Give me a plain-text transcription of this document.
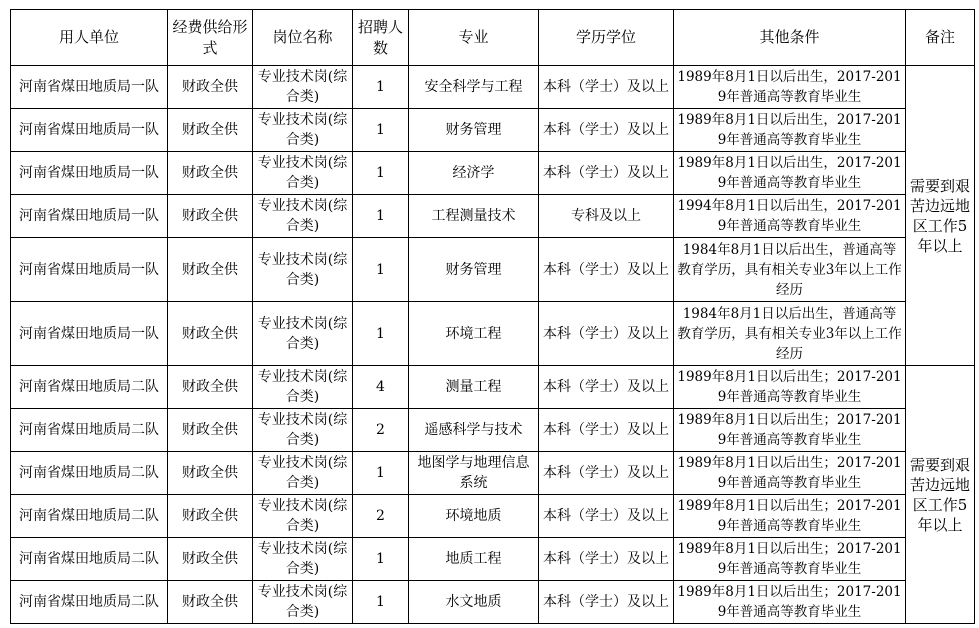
用人单位	经费供给形式	岗位名称	招聘人数	专业	学历学位	其他条件	备注
河南省煤田地质局一队	财政全供	专业技术岗(综合类)	1	安全科学与工程	本科（学士）及以上	1989年8月1日以后出生，2017-2019年普通高等教育毕业生	需要到艰苦边远地区工作5年以上
河南省煤田地质局一队	财政全供	专业技术岗(综合类)	1	财务管理	本科（学士）及以上	1989年8月1日以后出生，2017-2019年普通高等教育毕业生	
河南省煤田地质局一队	财政全供	专业技术岗(综合类)	1	经济学	本科（学士）及以上	1989年8月1日以后出生，2017-2019年普通高等教育毕业生	
河南省煤田地质局一队	财政全供	专业技术岗(综合类)	1	工程测量技术	专科及以上	1994年8月1日以后出生，2017-2019年普通高等教育毕业生	
河南省煤田地质局一队	财政全供	专业技术岗(综合类)	1	财务管理	本科（学士）及以上	1984年8月1日以后出生，普通高等教育学历，具有相关专业3年以上工作经历	
河南省煤田地质局一队	财政全供	专业技术岗(综合类)	1	环境工程	本科（学士）及以上	1984年8月1日以后出生，普通高等教育学历，具有相关专业3年以上工作经历	
河南省煤田地质局二队	财政全供	专业技术岗(综合类)	4	测量工程	本科（学士）及以上	1989年8月1日以后出生；2017-2019年普通高等教育毕业生	需要到艰苦边远地区工作5年以上
河南省煤田地质局二队	财政全供	专业技术岗(综合类)	2	遥感科学与技术	本科（学士）及以上	1989年8月1日以后出生；2017-2019年普通高等教育毕业生	
河南省煤田地质局二队	财政全供	专业技术岗(综合类)	1	地图学与地理信息系统	本科（学士）及以上	1989年8月1日以后出生；2017-2019年普通高等教育毕业生	
河南省煤田地质局二队	财政全供	专业技术岗(综合类)	2	环境地质	本科（学士）及以上	1989年8月1日以后出生；2017-2019年普通高等教育毕业生	
河南省煤田地质局二队	财政全供	专业技术岗(综合类)	1	地质工程	本科（学士）及以上	1989年8月1日以后出生；2017-2019年普通高等教育毕业生	
河南省煤田地质局二队	财政全供	专业技术岗(综合类)	1	水文地质	本科（学士）及以上	1989年8月1日以后出生；2017-2019年普通高等教育毕业生	
